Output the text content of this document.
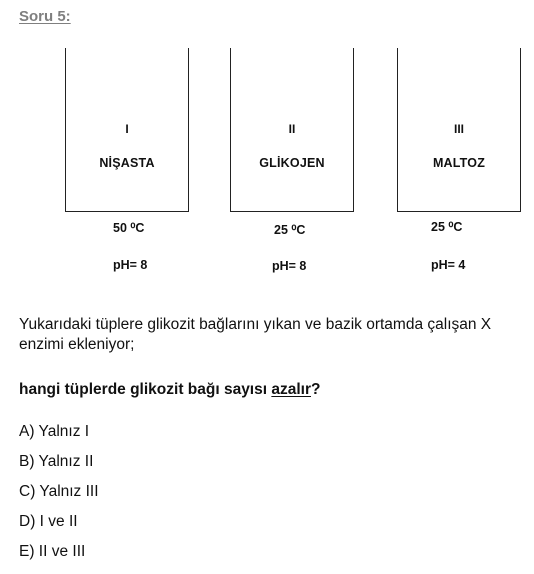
Soru 5:
I
NİŞASTA
II
GLİKOJEN
III
MALTOZ
50 ⁰C	25 ⁰C	25 ⁰C
pH= 8	pH= 8	pH= 4
Yukarıdaki tüplere glikozit bağlarını yıkan ve bazik ortamda çalışan X enzimi ekleniyor;
hangi tüplerde glikozit bağı sayısı azalır?
A) Yalnız I
B) Yalnız II
C) Yalnız III
D) I ve II
E) II ve III
